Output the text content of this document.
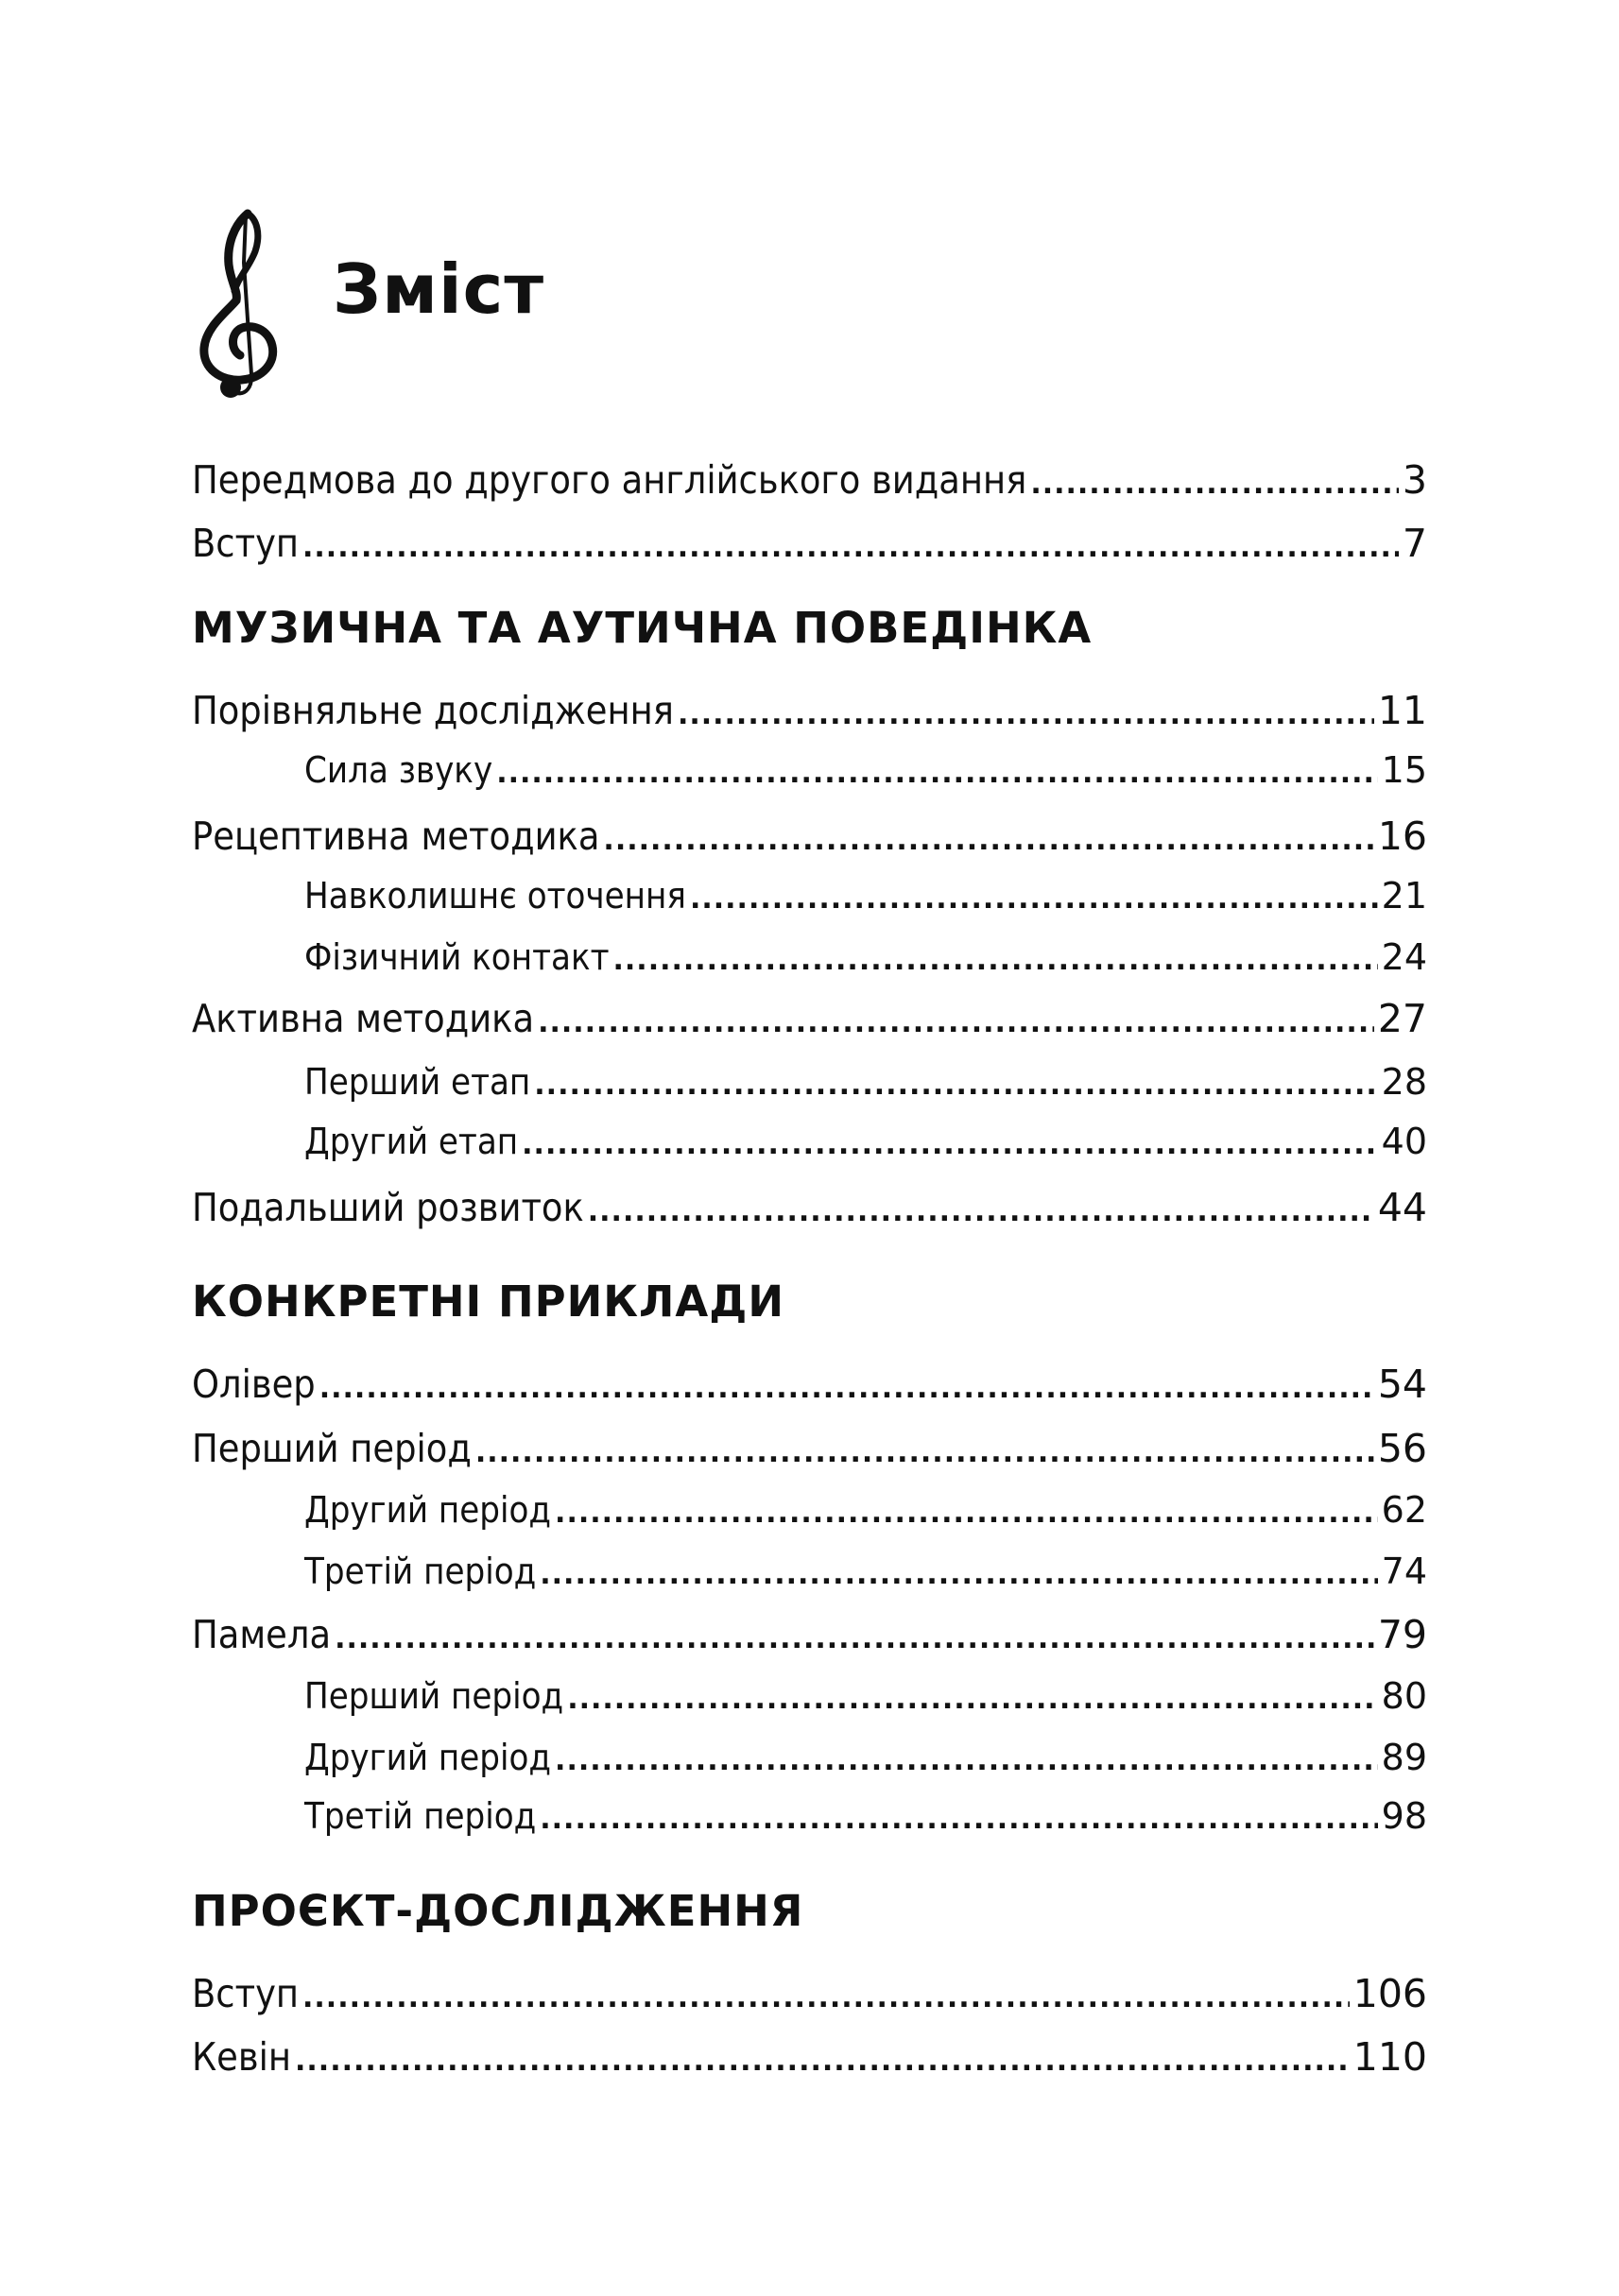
Зміст
Передмова до другого англійського видання .....	3
Вступ .....	7
МУЗИЧНА ТА АУТИЧНА ПОВЕДІНКА
Порівняльне дослідження .....	11
Сила звуку .....	15
Рецептивна методика .....	16
Навколишнє оточення .....	21
Фізичний контакт .....	24
Активна методика .....	27
Перший етап .....	28
Другий етап .....	40
Подальший розвиток .....	44
КОНКРЕТНІ ПРИКЛАДИ
Олівер .....	54
Перший період .....	56
Другий період .....	62
Третій період .....	74
Памела .....	79
Перший період .....	80
Другий період .....	89
Третій період .....	98
ПРОЄКТ-ДОСЛІДЖЕННЯ
Вступ .....	106
Кевін .....	110
